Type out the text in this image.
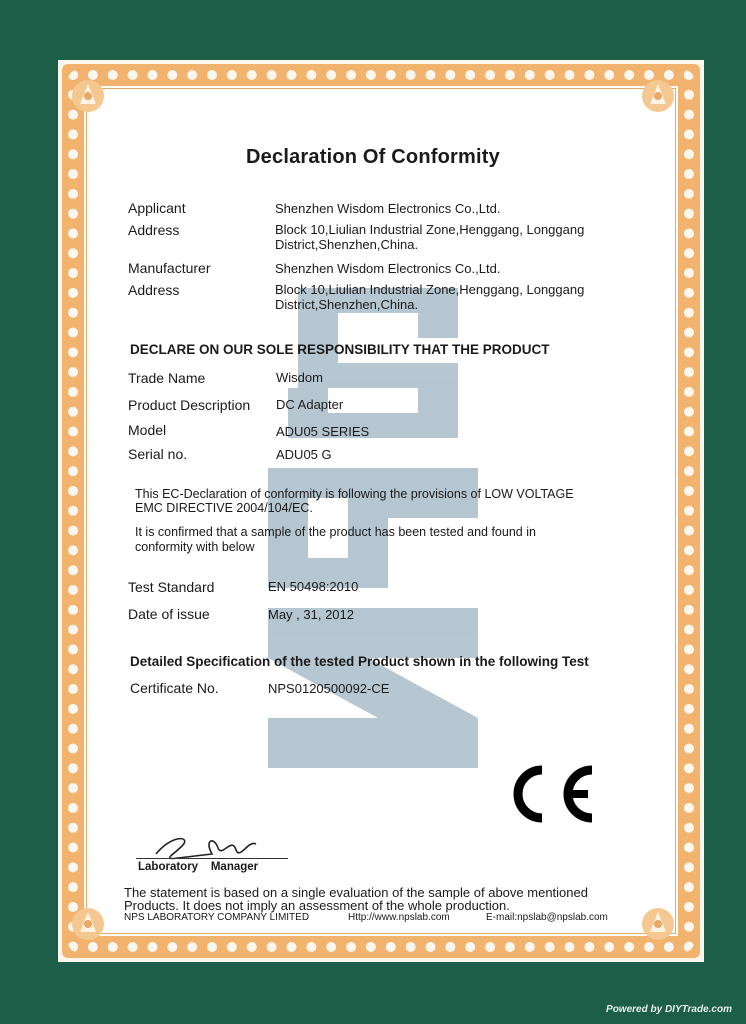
Powered by DIYTrade.com
Declaration Of Conformity
Applicant	Shenzhen Wisdom Electronics Co.,Ltd.
Address	Block 10,Liulian Industrial Zone,Henggang, Longgang
District,Shenzhen,China.
Manufacturer	Shenzhen Wisdom Electronics Co.,Ltd.
Address	Block 10,Liulian Industrial Zone,Henggang, Longgang
District,Shenzhen,China.
DECLARE ON OUR SOLE RESPONSIBILITY THAT THE PRODUCT
Trade Name	Wisdom
Product Description DC Adapter
Model	ADU05 SERIES
Serial no.	ADU05 G
This EC-Declaration of conformity is following the provisions of LOW VOLTAGE
EMC DIRECTIVE 2004/104/EC.
It is confirmed that a sample of the product has been tested and found in
conformity with below
Test Standard	EN 50498:2010
Date of issue	May , 31, 2012
Detailed Specification of the tested Product shown in the following Test
Certificate No.	NPS0120500092-CE
Laboratory    Manager
The statement is based on a single evaluation of the sample of above mentioned
Products. It does not imply an assessment of the whole production.
NPS LABORATORY COMPANY LIMITED	Http://www.npslab.com	E-mail:npslab@npslab.com
